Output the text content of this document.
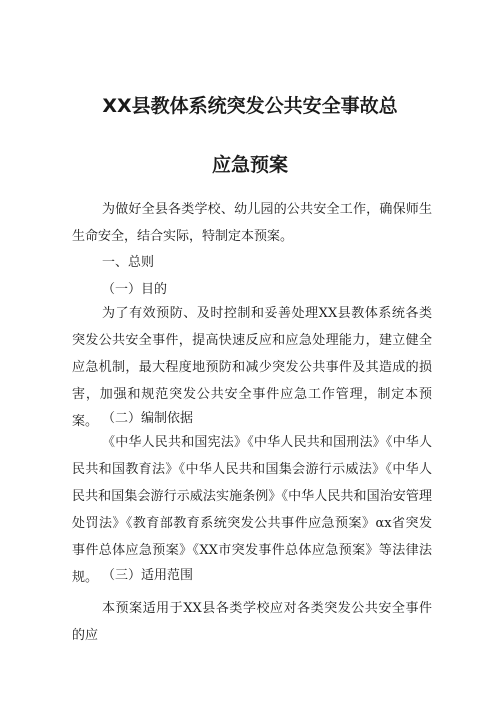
XX县教体系统突发公共安全事故总
应急预案

为做好全县各类学校、幼儿园的公共安全工作，确保师生生命安全，结合实际，特制定本预案。

一、总则

（一）目的

为了有效预防、及时控制和妥善处理XX县教体系统各类突发公共安全事件，提高快速反应和应急处理能力，建立健全应急机制，最大程度地预防和减少突发公共事件及其造成的损害，加强和规范突发公共安全事件应急工作管理，制定本预案。 （二）编制依据

《中华人民共和国宪法》《中华人民共和国刑法》《中华人民共和国教育法》《中华人民共和国集会游行示威法》《中华人民共和国集会游行示威法实施条例》《中华人民共和国治安管理处罚法》《教育部教育系统突发公共事件应急预案》αx省突发事件总体应急预案》《XX市突发事件总体应急预案》等法律法规。 （三）适用范围

本预案适用于XX县各类学校应对各类突发公共安全事件的应
